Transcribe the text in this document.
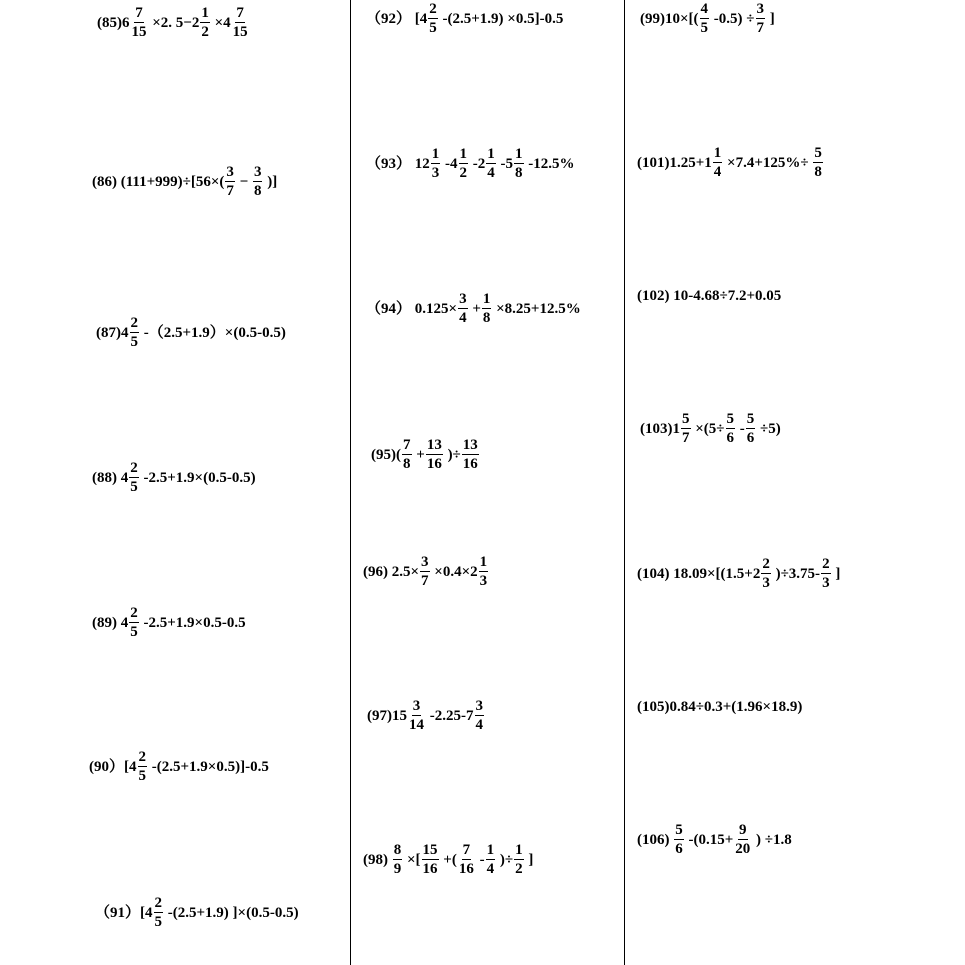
$(85)6 \frac{7}{15} \times 2$. $5-2 \frac{1}{2} \times 4 \frac{7}{15}$
(86) $(111+999)\div[56\times( \frac{3}{7} - \frac{3}{8}$ )]
$(87)4 \frac{2}{5} -(2.5+1.9)\times(0.5-0.5)$
(88) $4 \frac{2}{5} -2.5+1.9\times(0.5-0.5)$
(89) $4 \frac{2}{5} -2.5+1.9\times 0.5-0.5$
$(90)[4 \frac{2}{5} -(2.5+1.9\times 0.5)]-0.5$
$(91)[4 \frac{2}{5} -(2.5+1.9)$ ]×(0.5-0.5)
（92） $[4 \frac{2}{5} -(2.5+1.9) \times 0.5]-0.5$
（93） $12 \frac{1}{3} -4 \frac{1}{2} -2 \frac{1}{4} -5 \frac{1}{8} -12.5\%$
（94） $0.125\times \frac{3}{4} + \frac{1}{8} \times 8.25+12.5\%$
$(95)( \frac{7}{8} + \frac{13}{16}$ )÷ $\frac{13}{16}$
(96) $2.5\times \frac{3}{7} \times 0.4\times 2 \frac{1}{3}$
$(97)15 \frac{3}{14} -2.25-7 \frac{3}{4}$
$(98) \frac{8}{9}$ ×[ $\frac{15}{16}$ +( $\frac{7}{16} - \frac{1}{4}$ )÷ $\frac{1}{2}$ ]
$(99)10\times[( \frac{4}{5} -0.5) \div \frac{3}{7}$ ]
$(101)1.25+1 \frac{1}{4} \times 7.4+125\%\div \frac{5}{8}$
(102) 10-4.68÷7.2+0.05
$(103)1 \frac{5}{7} \times(5\div \frac{5}{6} - \frac{5}{6} \div 5)$
(104) $18.09\times[(1.5+2 \frac{2}{3} )\div 3.75- \frac{2}{3}$ ]
(105)0.84÷0.3+(1.96×18.9)
$(106) \frac{5}{6} -(0.15+ \frac{9}{20}$ ) ÷1.8
